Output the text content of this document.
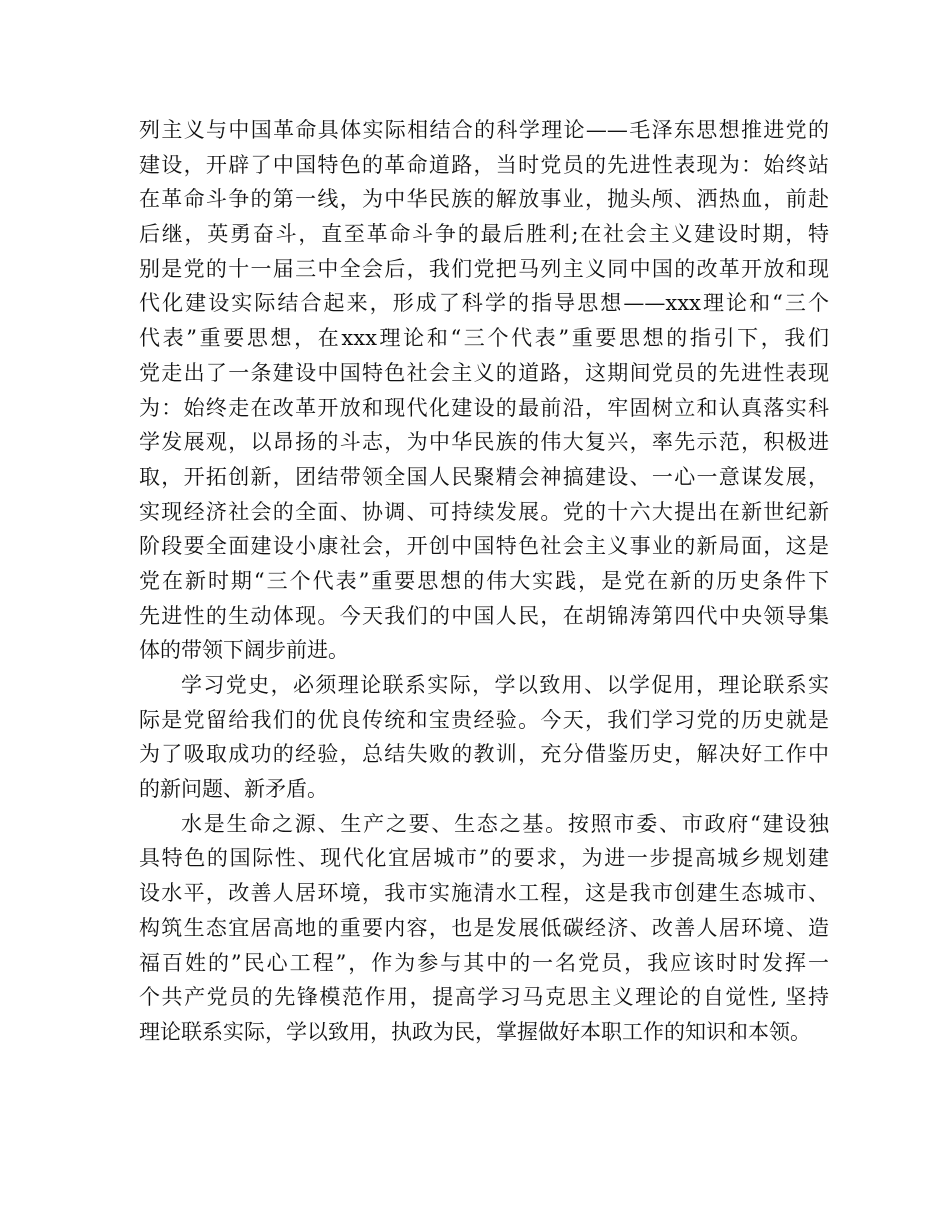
列主义与中国革命具体实际相结合的科学理论——毛泽东思想推进党的
建设，开辟了中国特色的革命道路，当时党员的先进性表现为：始终站
在革命斗争的第一线，为中华民族的解放事业，抛头颅、洒热血，前赴
后继，英勇奋斗，直至革命斗争的最后胜利;在社会主义建设时期，特
别是党的十一届三中全会后，我们党把马列主义同中国的改革开放和现
代化建设实际结合起来，形成了科学的指导思想——xxx理论和“三个
代表”重要思想，在xxx理论和“三个代表”重要思想的指引下，我们
党走出了一条建设中国特色社会主义的道路，这期间党员的先进性表现
为：始终走在改革开放和现代化建设的最前沿，牢固树立和认真落实科
学发展观，以昂扬的斗志，为中华民族的伟大复兴，率先示范，积极进
取，开拓创新，团结带领全国人民聚精会神搞建设、一心一意谋发展，
实现经济社会的全面、协调、可持续发展。党的十六大提出在新世纪新
阶段要全面建设小康社会，开创中国特色社会主义事业的新局面，这是
党在新时期“三个代表”重要思想的伟大实践，是党在新的历史条件下
先进性的生动体现。今天我们的中国人民，在胡锦涛第四代中央领导集
体的带领下阔步前进。
学习党史，必须理论联系实际，学以致用、以学促用，理论联系实
际是党留给我们的优良传统和宝贵经验。今天，我们学习党的历史就是
为了吸取成功的经验，总结失败的教训，充分借鉴历史，解决好工作中
的新问题、新矛盾。
水是生命之源、生产之要、生态之基。按照市委、市政府“建设独
具特色的国际性、现代化宜居城市”的要求，为进一步提高城乡规划建
设水平，改善人居环境，我市实施清水工程，这是我市创建生态城市、
构筑生态宜居高地的重要内容，也是发展低碳经济、改善人居环境、造
福百姓的”民心工程”，作为参与其中的一名党员，我应该时时发挥一
个共产党员的先锋模范作用，提高学习马克思主义理论的自觉性, 坚持
理论联系实际，学以致用，执政为民，掌握做好本职工作的知识和本领。
